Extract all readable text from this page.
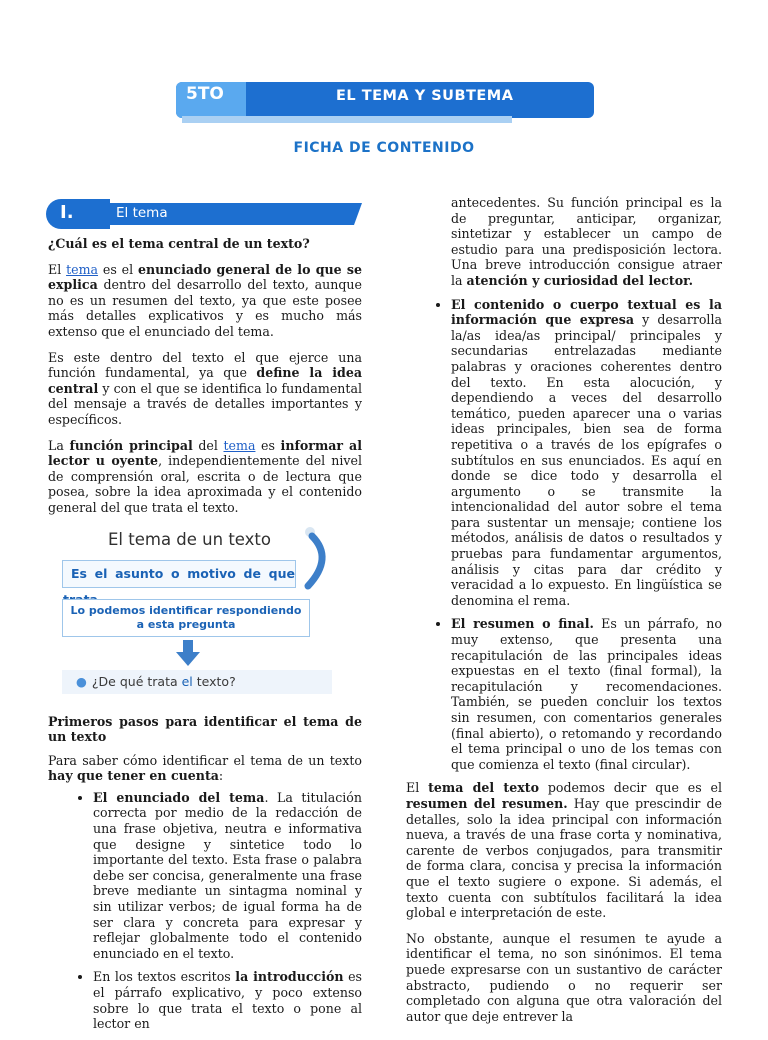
5TO	EL TEMA Y SUBTEMA
FICHA DE CONTENIDO
I.	El tema

¿Cuál es el tema central de un texto?

El tema es el enunciado general de lo que se explica dentro del desarrollo del texto, aunque no es un resumen del texto, ya que este posee más detalles explicativos y es mucho más extenso que el enunciado del tema.

Es este dentro del texto el que ejerce una función fundamental, ya que define la idea central y con el que se identifica lo fundamental del mensaje a través de detalles importantes y específicos.

La función principal del tema es informar al lector u oyente, independientemente del nivel de comprensión oral, escrita o de lectura que posea, sobre la idea aproximada y el contenido general del que trata el texto.

El tema de un texto
Es el asunto o motivo de que
Lo podemos identificar respondiendo
a esta pregunta
● ¿De qué trata el texto?

Primeros pasos para identificar el tema de un texto

Para saber cómo identificar el tema de un texto hay que tener en cuenta:

• El enunciado del tema. La titulación correcta por medio de la redacción de una frase objetiva, neutra e informativa que designe y sintetice todo lo importante del texto. Esta frase o palabra debe ser concisa, generalmente una frase breve mediante un sintagma nominal y sin utilizar verbos; de igual forma ha de ser clara y concreta para expresar y reflejar globalmente todo el contenido enunciado en el texto.
• En los textos escritos la introducción es el párrafo explicativo, y poco extenso sobre lo que trata el texto o pone al lector en
antecedentes. Su función principal es la de preguntar, anticipar, organizar, sintetizar y establecer un campo de estudio para una predisposición lectora. Una breve introducción consigue atraer la atención y curiosidad del lector.
• El contenido o cuerpo textual es la información que expresa y desarrolla la/as idea/as principal/ principales y secundarias entrelazadas mediante palabras y oraciones coherentes dentro del texto. En esta alocución, y dependiendo a veces del desarrollo temático, pueden aparecer una o varias ideas principales, bien sea de forma repetitiva o a través de los epígrafes o subtítulos en sus enunciados. Es aquí en donde se dice todo y desarrolla el argumento o se transmite la intencionalidad del autor sobre el tema para sustentar un mensaje; contiene los métodos, análisis de datos o resultados y pruebas para fundamentar argumentos, análisis y citas para dar crédito y veracidad a lo expuesto. En lingüística se denomina el rema.
• El resumen o final. Es un párrafo, no muy extenso, que presenta una recapitulación de las principales ideas expuestas en el texto (final formal), la recapitulación y recomendaciones. También, se pueden concluir los textos sin resumen, con comentarios generales (final abierto), o retomando y recordando el tema principal o uno de los temas con que comienza el texto (final circular).

El tema del texto podemos decir que es el resumen del resumen. Hay que prescindir de detalles, solo la idea principal con información nueva, a través de una frase corta y nominativa, carente de verbos conjugados, para transmitir de forma clara, concisa y precisa la información que el texto sugiere o expone. Si además, el texto cuenta con subtítulos facilitará la idea global e interpretación de este.

No obstante, aunque el resumen te ayude a identificar el tema, no son sinónimos. El tema puede expresarse con un sustantivo de carácter abstracto, pudiendo o no requerir ser completado con alguna que otra valoración del autor que deje entrever la
